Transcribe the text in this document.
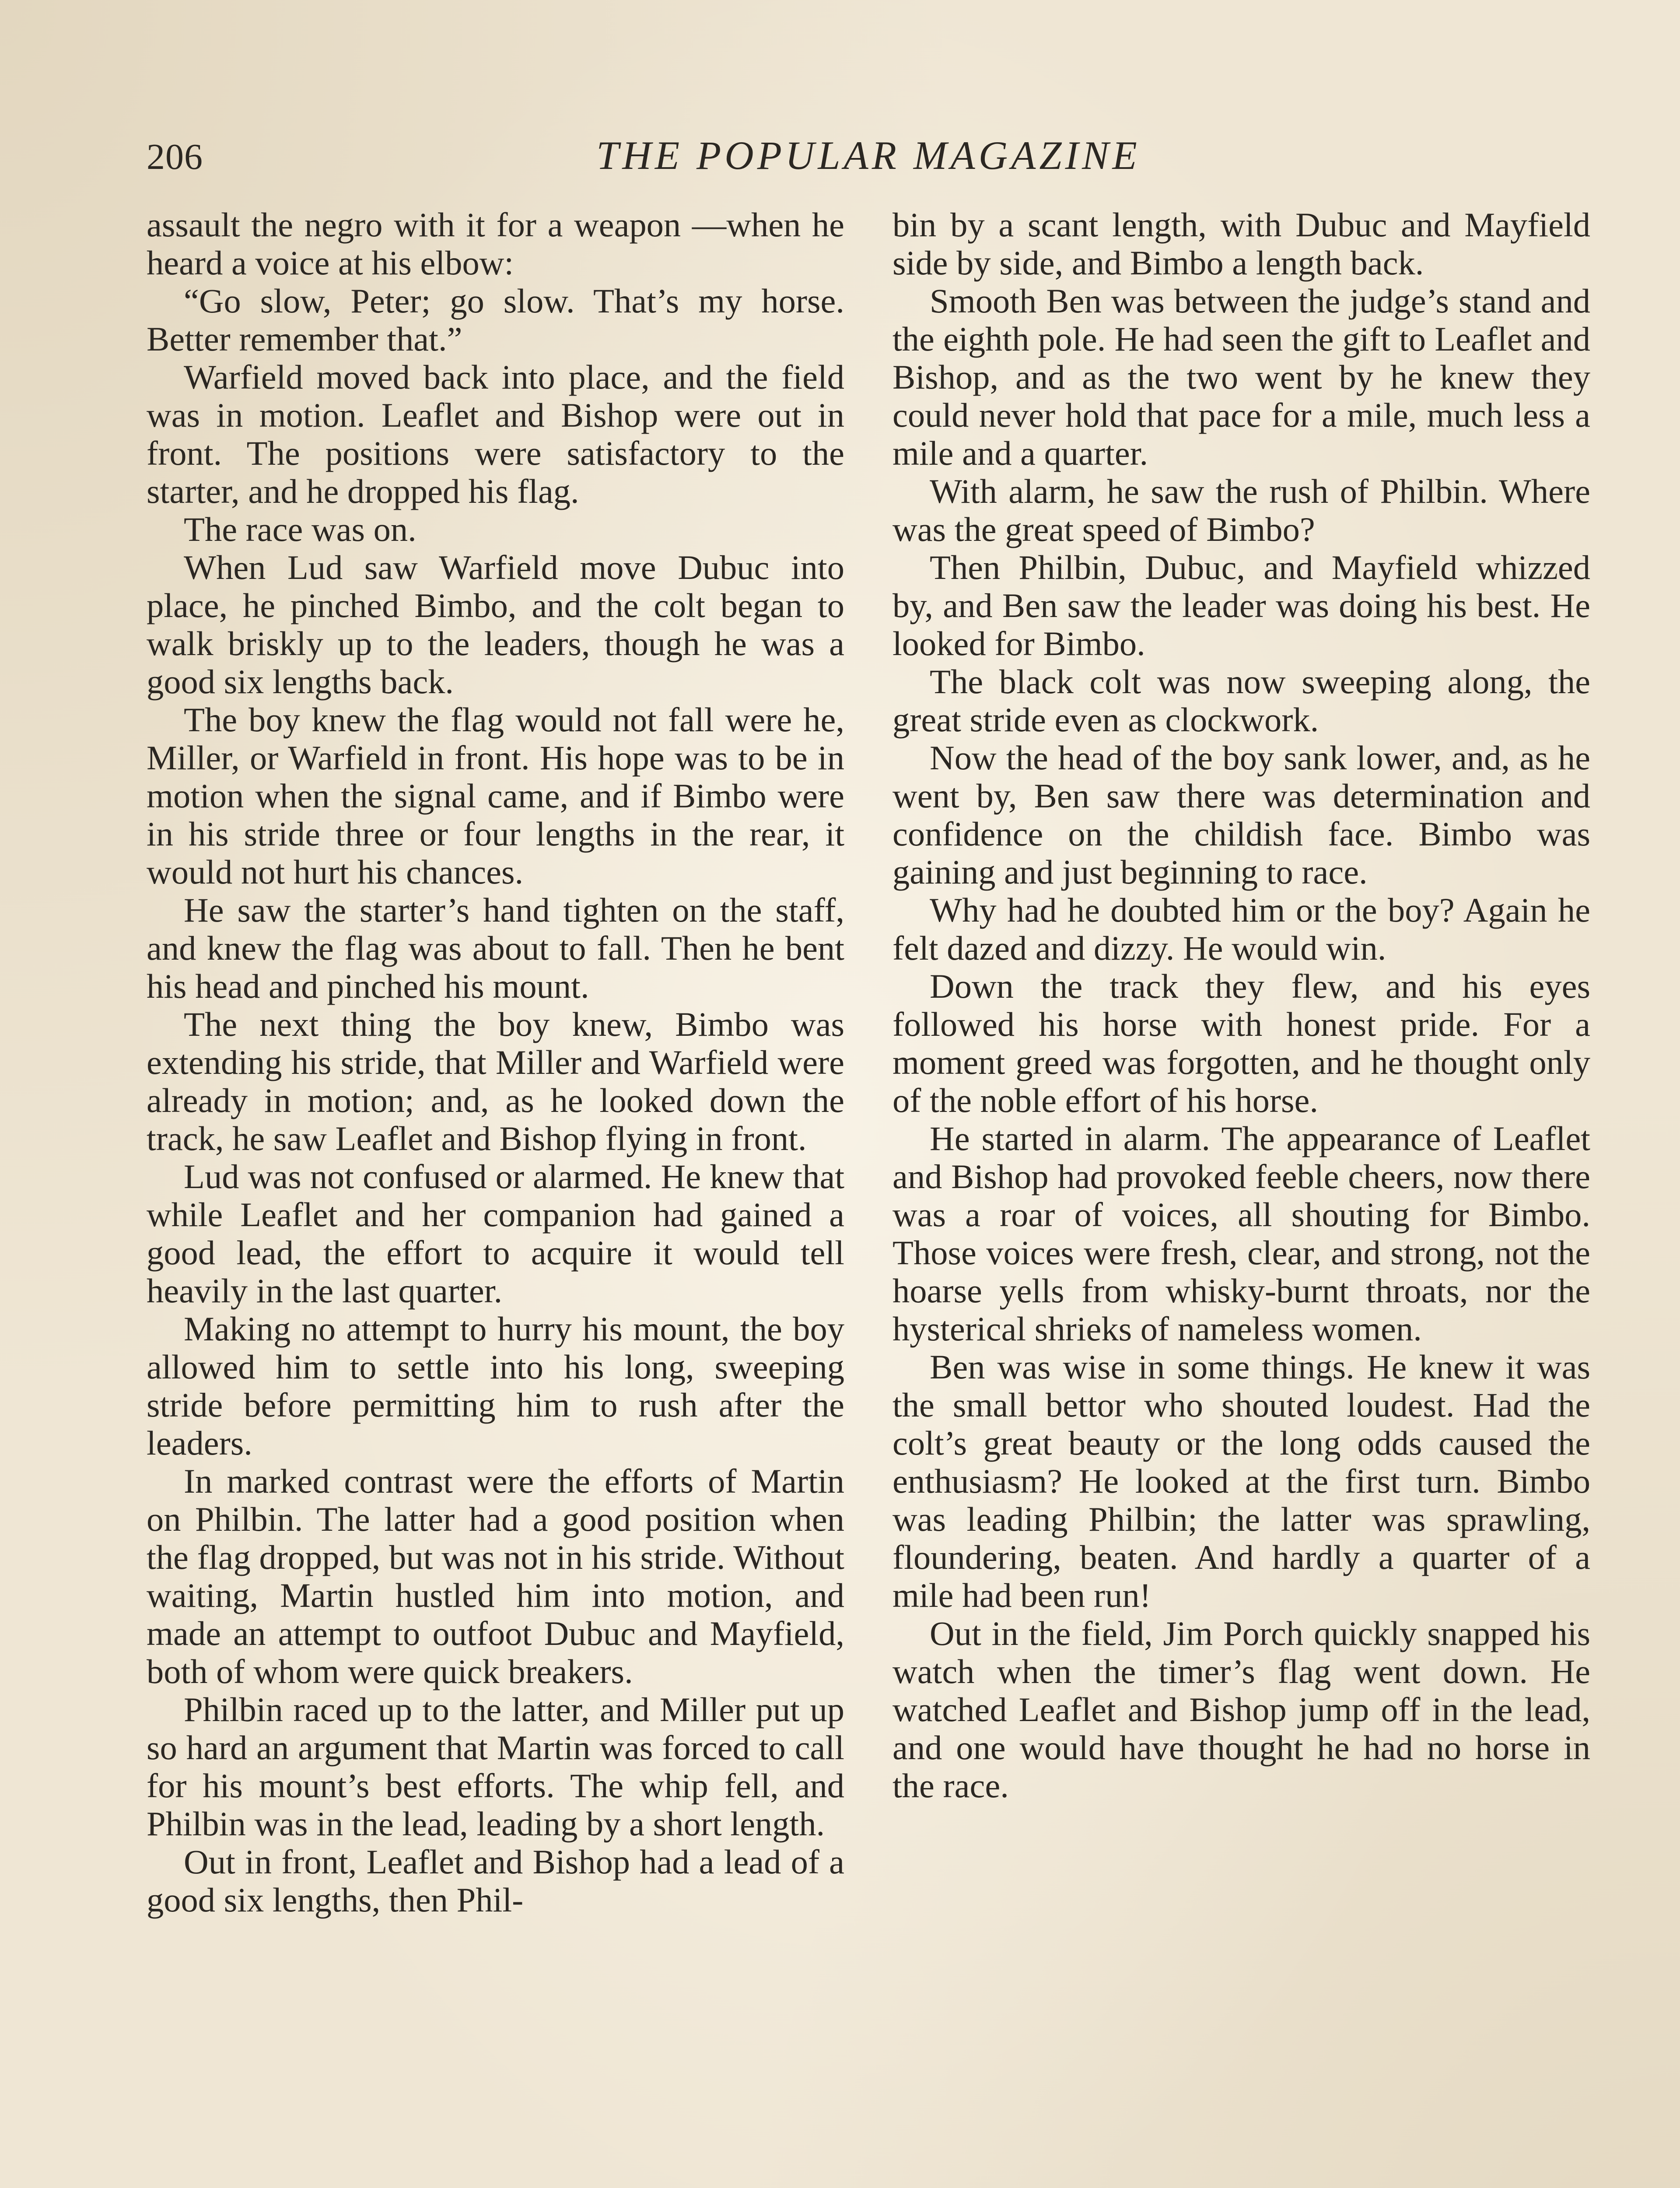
206	THE POPULAR MAGAZINE

assault the negro with it for a weapon —when he heard a voice at his elbow:

“Go slow, Peter; go slow. That’s my horse. Better remember that.”

Warfield moved back into place, and the field was in motion. Leaflet and Bishop were out in front. The positions were satisfactory to the starter, and he dropped his flag.

The race was on.

When Lud saw Warfield move Dubuc into place, he pinched Bimbo, and the colt began to walk briskly up to the leaders, though he was a good six lengths back.

The boy knew the flag would not fall were he, Miller, or Warfield in front. His hope was to be in motion when the signal came, and if Bimbo were in his stride three or four lengths in the rear, it would not hurt his chances.

He saw the starter’s hand tighten on the staff, and knew the flag was about to fall. Then he bent his head and pinched his mount.

The next thing the boy knew, Bimbo was extending his stride, that Miller and Warfield were already in motion; and, as he looked down the track, he saw Leaflet and Bishop flying in front.

Lud was not confused or alarmed. He knew that while Leaflet and her companion had gained a good lead, the effort to acquire it would tell heavily in the last quarter.

Making no attempt to hurry his mount, the boy allowed him to settle into his long, sweeping stride before permitting him to rush after the leaders.

In marked contrast were the efforts of Martin on Philbin. The latter had a good position when the flag dropped, but was not in his stride. Without waiting, Martin hustled him into motion, and made an attempt to outfoot Dubuc and Mayfield, both of whom were quick breakers.

Philbin raced up to the latter, and Miller put up so hard an argument that Martin was forced to call for his mount’s best efforts. The whip fell, and Philbin was in the lead, leading by a short length.

Out in front, Leaflet and Bishop had a lead of a good six lengths, then Phil-

bin by a scant length, with Dubuc and Mayfield side by side, and Bimbo a length back.

Smooth Ben was between the judge’s stand and the eighth pole. He had seen the gift to Leaflet and Bishop, and as the two went by he knew they could never hold that pace for a mile, much less a mile and a quarter.

With alarm, he saw the rush of Philbin. Where was the great speed of Bimbo?

Then Philbin, Dubuc, and Mayfield whizzed by, and Ben saw the leader was doing his best. He looked for Bimbo.

The black colt was now sweeping along, the great stride even as clockwork.

Now the head of the boy sank lower, and, as he went by, Ben saw there was determination and confidence on the childish face. Bimbo was gaining and just beginning to race.

Why had he doubted him or the boy? Again he felt dazed and dizzy. He would win.

Down the track they flew, and his eyes followed his horse with honest pride. For a moment greed was forgotten, and he thought only of the noble effort of his horse.

He started in alarm. The appearance of Leaflet and Bishop had provoked feeble cheers, now there was a roar of voices, all shouting for Bimbo. Those voices were fresh, clear, and strong, not the hoarse yells from whisky-burnt throats, nor the hysterical shrieks of nameless women.

Ben was wise in some things. He knew it was the small bettor who shouted loudest. Had the colt’s great beauty or the long odds caused the enthusiasm? He looked at the first turn. Bimbo was leading Philbin; the latter was sprawling, floundering, beaten. And hardly a quarter of a mile had been run!

Out in the field, Jim Porch quickly snapped his watch when the timer’s flag went down. He watched Leaflet and Bishop jump off in the lead, and one would have thought he had no horse in the race.
